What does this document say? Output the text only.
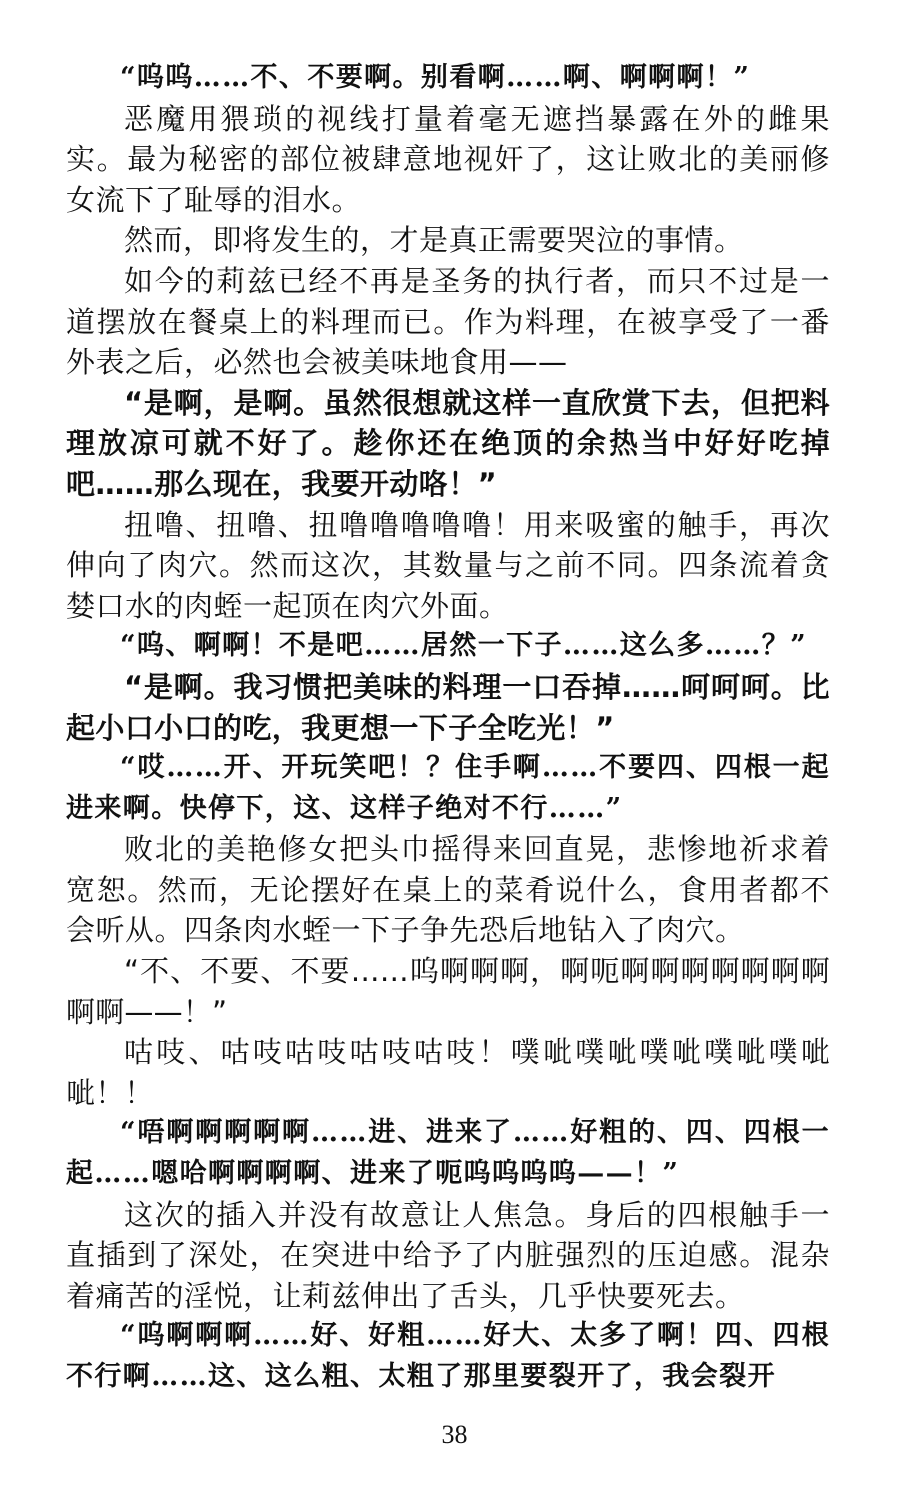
“呜呜……不、不要啊。别看啊……啊、啊啊啊！”

恶魔用猥琐的视线打量着毫无遮挡暴露在外的雌果实。最为秘密的部位被肆意地视奸了，这让败北的美丽修女流下了耻辱的泪水。

然而，即将发生的，才是真正需要哭泣的事情。

如今的莉兹已经不再是圣务的执行者，而只不过是一道摆放在餐桌上的料理而已。作为料理，在被享受了一番外表之后，必然也会被美味地食用——

“是啊，是啊。虽然很想就这样一直欣赏下去，但把料理放凉可就不好了。趁你还在绝顶的余热当中好好吃掉吧……那么现在，我要开动咯！”

扭噜、扭噜、扭噜噜噜噜噜！用来吸蜜的触手，再次伸向了肉穴。然而这次，其数量与之前不同。四条流着贪婪口水的肉蛭一起顶在肉穴外面。

“呜、啊啊！不是吧……居然一下子……这么多……？”

“是啊。我习惯把美味的料理一口吞掉……呵呵呵。比起小口小口的吃，我更想一下子全吃光！”

“哎……开、开玩笑吧！？住手啊……不要四、四根一起进来啊。快停下，这、这样子绝对不行……”

败北的美艳修女把头巾摇得来回直晃，悲惨地祈求着宽恕。然而，无论摆好在桌上的菜肴说什么，食用者都不会听从。四条肉水蛭一下子争先恐后地钻入了肉穴。

“不、不要、不要……呜啊啊啊，啊呃啊啊啊啊啊啊啊啊啊——！”

咕吱、咕吱咕吱咕吱咕吱！噗呲噗呲噗呲噗呲噗呲呲！！

“唔啊啊啊啊啊……进、进来了……好粗的、四、四根一起……嗯哈啊啊啊啊、进来了呃呜呜呜呜——！”

这次的插入并没有故意让人焦急。身后的四根触手一直插到了深处，在突进中给予了内脏强烈的压迫感。混杂着痛苦的淫悦，让莉兹伸出了舌头，几乎快要死去。

“呜啊啊啊……好、好粗……好大、太多了啊！四、四根不行啊……这、这么粗、太粗了那里要裂开了，我会裂开

38
